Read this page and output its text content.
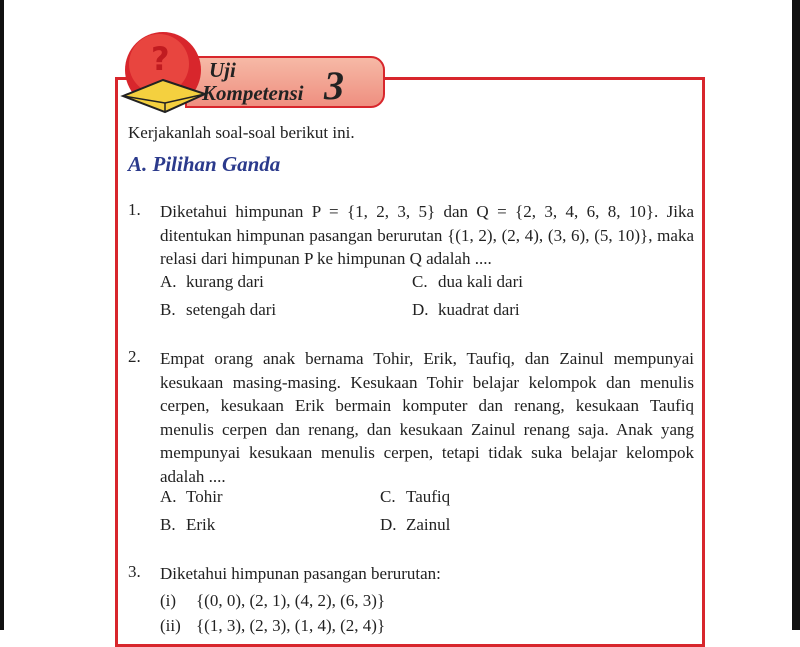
? Uji
Kompetensi 3
Kerjakanlah soal-soal berikut ini.
A. Pilihan Ganda
1. Diketahui himpunan P = {1, 2, 3, 5} dan Q = {2, 3, 4, 6, 8, 10}. Jika ditentukan himpunan pasangan berurutan {(1, 2), (2, 4), (3, 6), (5, 10)}, maka relasi dari himpunan P ke himpunan Q adalah ....
A. kurang dari
B. setengah dari
C. dua kali dari
D. kuadrat dari
2. Empat orang anak bernama Tohir, Erik, Taufiq, dan Zainul mempunyai kesukaan masing-masing. Kesukaan Tohir belajar kelompok dan menulis cerpen, kesukaan Erik bermain komputer dan renang, kesukaan Taufiq menulis cerpen dan renang, dan kesukaan Zainul renang saja. Anak yang mempunyai kesukaan menulis cerpen, tetapi tidak suka belajar kelompok adalah ....
A. Tohir
B. Erik
C. Taufiq
D. Zainul
3. Diketahui himpunan pasangan berurutan:
(i) {(0, 0), (2, 1), (4, 2), (6, 3)}
(ii) {(1, 3), (2, 3), (1, 4), (2, 4)}
